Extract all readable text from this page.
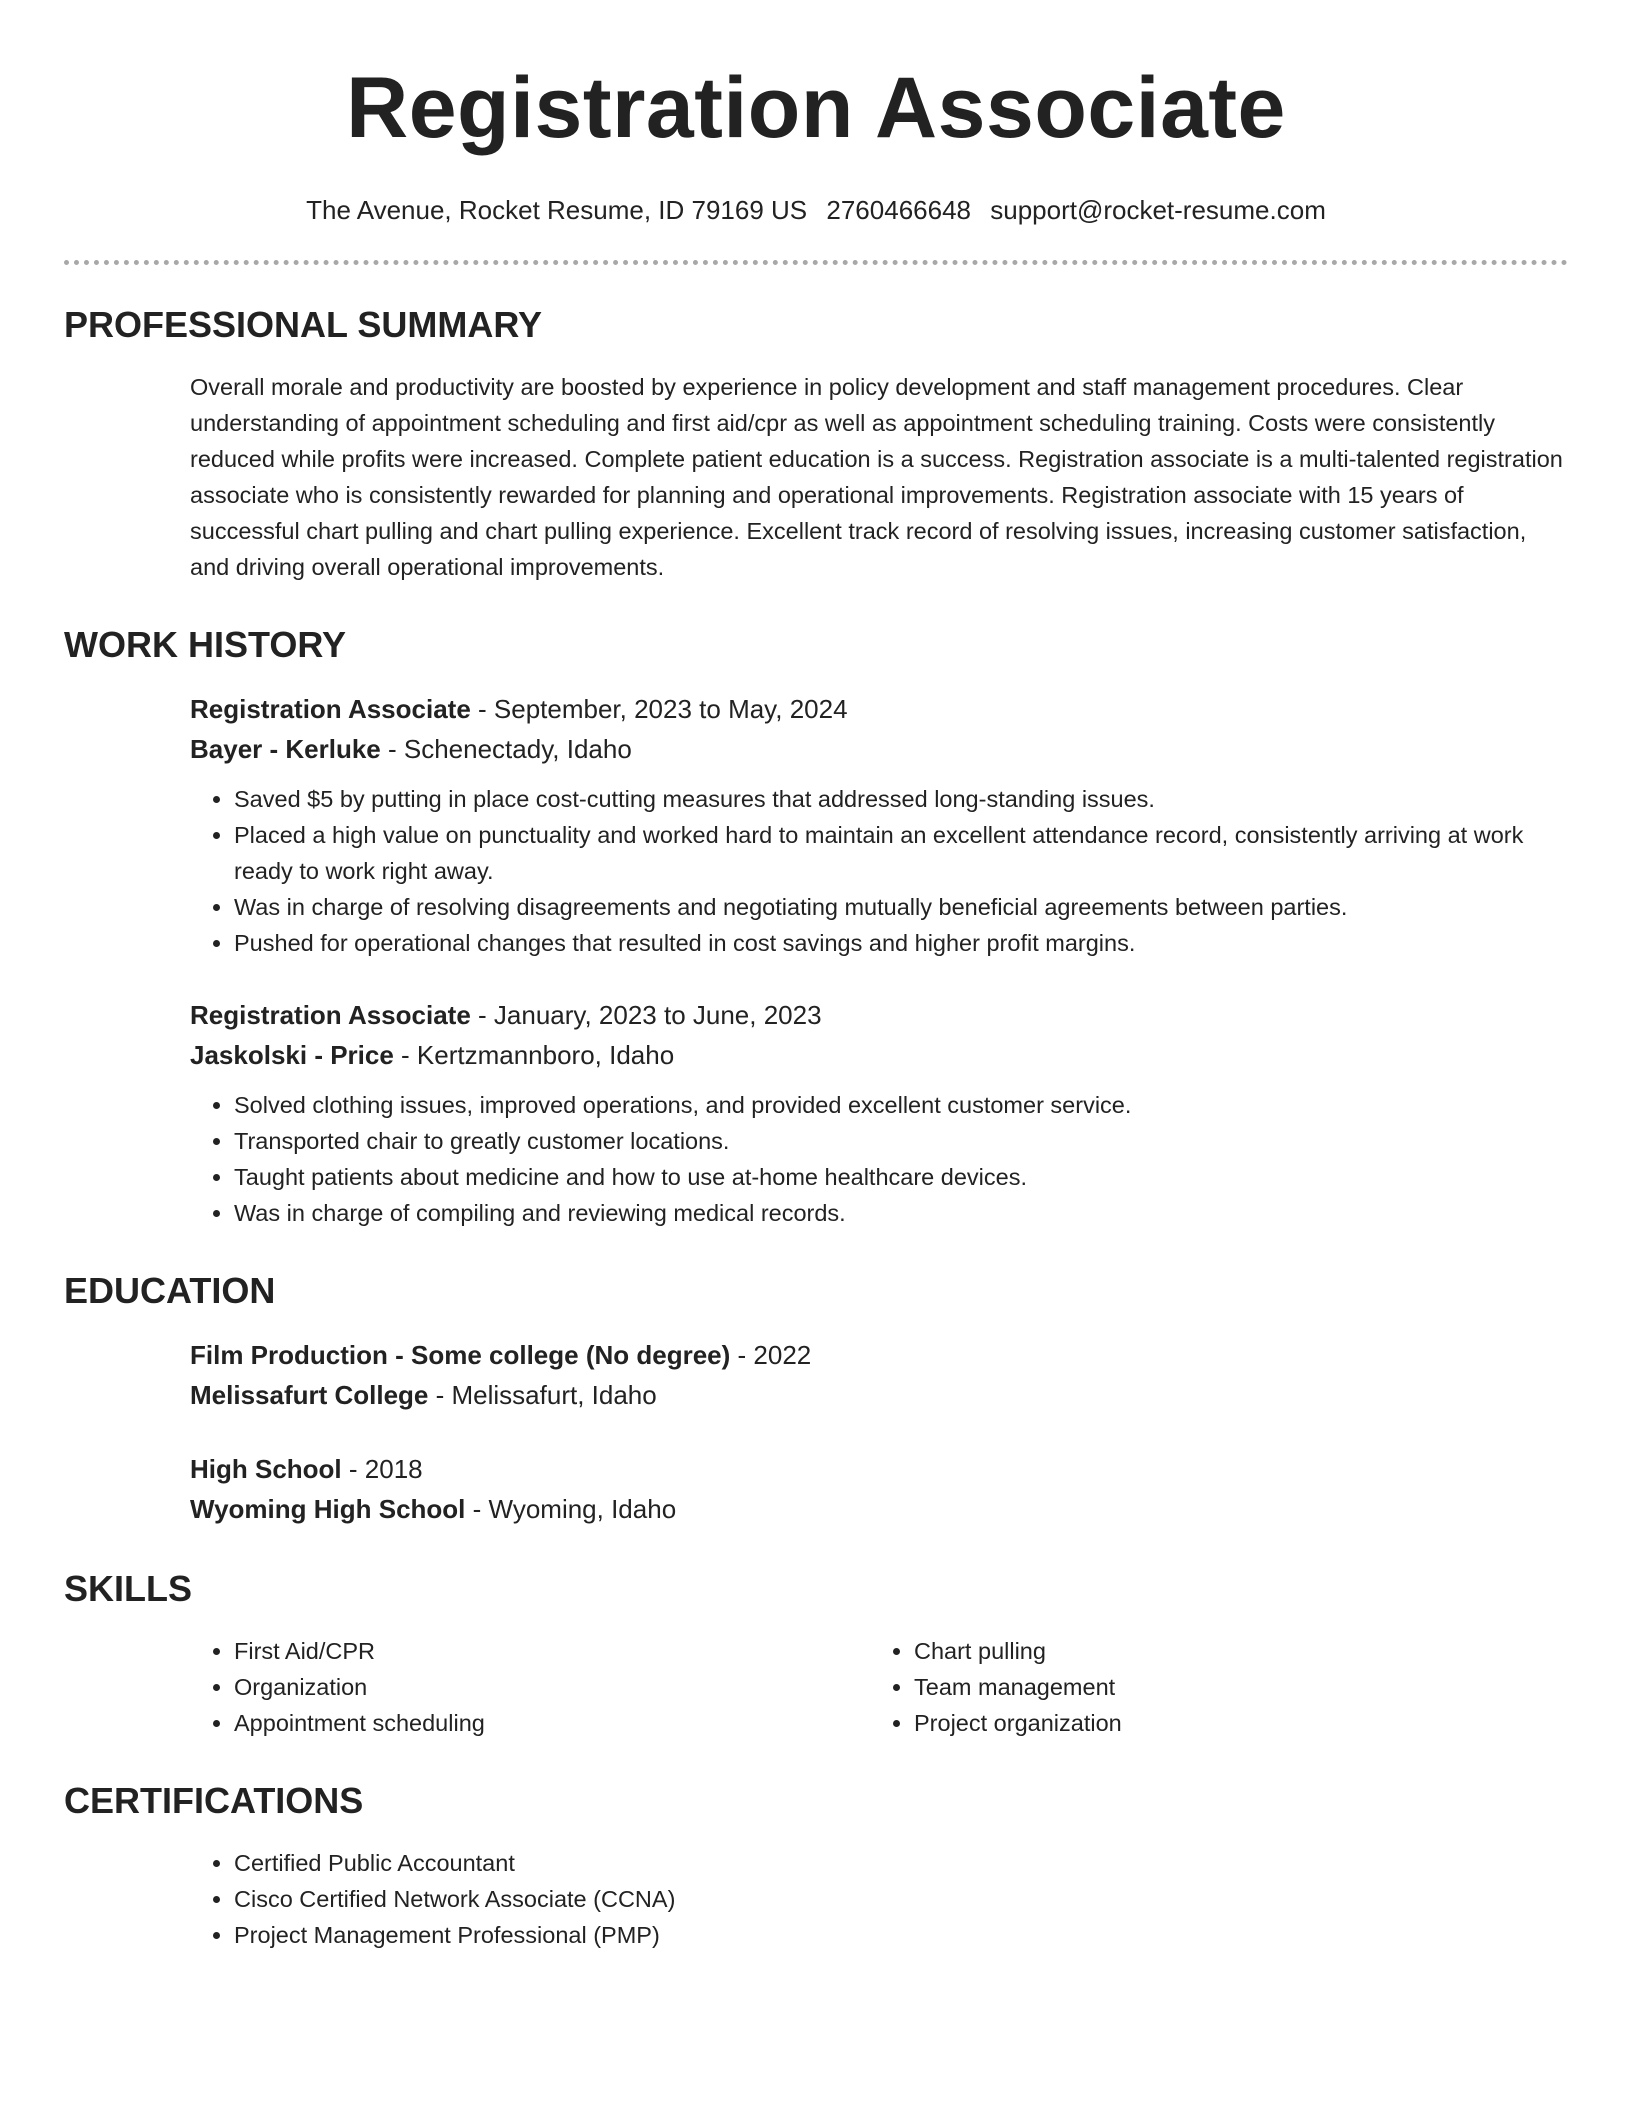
Registration Associate
The Avenue, Rocket Resume, ID 79169 US 2760466648 support@rocket-resume.com
PROFESSIONAL SUMMARY

Overall morale and productivity are boosted by experience in policy development and staff management procedures. Clear understanding of appointment scheduling and first aid/cpr as well as appointment scheduling training. Costs were consistently reduced while profits were increased. Complete patient education is a success. Registration associate is a multi-talented registration associate who is consistently rewarded for planning and operational improvements. Registration associate with 15 years of successful chart pulling and chart pulling experience. Excellent track record of resolving issues, increasing customer satisfaction, and driving overall operational improvements.

WORK HISTORY
Registration Associate - September, 2023 to May, 2024
Bayer - Kerluke - Schenectady, Idaho
• Saved $5 by putting in place cost-cutting measures that addressed long-standing issues.
• Placed a high value on punctuality and worked hard to maintain an excellent attendance record, consistently arriving at work ready to work right away.
• Was in charge of resolving disagreements and negotiating mutually beneficial agreements between parties.
• Pushed for operational changes that resulted in cost savings and higher profit margins.
Registration Associate - January, 2023 to June, 2023
Jaskolski - Price - Kertzmannboro, Idaho
• Solved clothing issues, improved operations, and provided excellent customer service.
• Transported chair to greatly customer locations.
• Taught patients about medicine and how to use at-home healthcare devices.
• Was in charge of compiling and reviewing medical records.
EDUCATION
Film Production - Some college (No degree) - 2022
Melissafurt College - Melissafurt, Idaho
High School - 2018
Wyoming High School - Wyoming, Idaho
SKILLS
• First Aid/CPR
• Organization
• Appointment scheduling
• Chart pulling
• Team management
• Project organization
CERTIFICATIONS
• Certified Public Accountant
• Cisco Certified Network Associate (CCNA)
• Project Management Professional (PMP)
